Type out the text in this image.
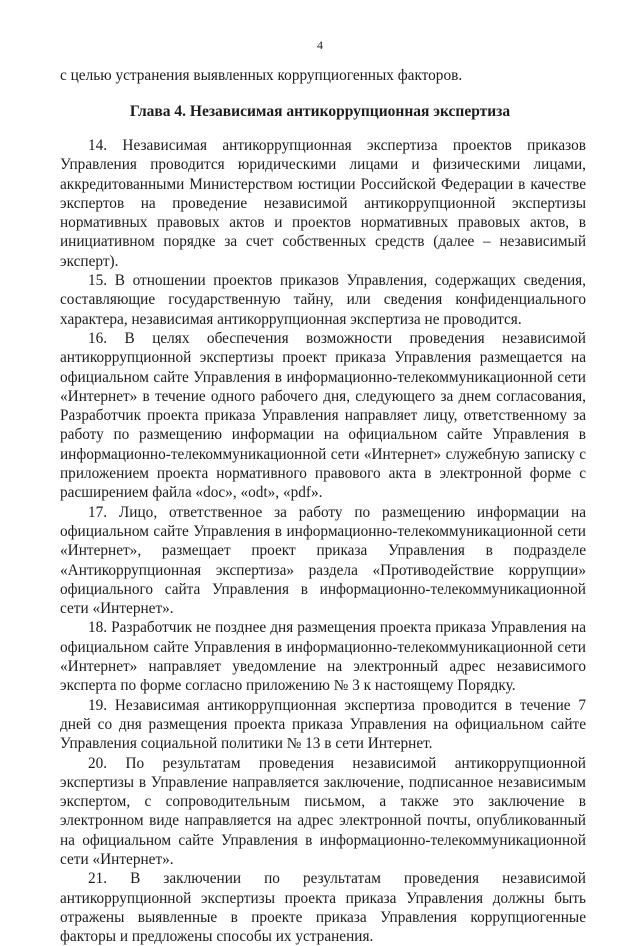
4

с целью устранения выявленных коррупциогенных факторов.

Глава 4. Независимая антикоррупционная экспертиза

14. Независимая антикоррупционная экспертиза проектов приказов Управления проводится юридическими лицами и физическими лицами, аккредитованными Министерством юстиции Российской Федерации в качестве экспертов на проведение независимой антикоррупционной экспертизы нормативных правовых актов и проектов нормативных правовых актов, в инициативном порядке за счет собственных средств (далее – независимый эксперт).

15. В отношении проектов приказов Управления, содержащих сведения, составляющие государственную тайну, или сведения конфиденциального характера, независимая антикоррупционная экспертиза не проводится.

16. В целях обеспечения возможности проведения независимой антикоррупционной экспертизы проект приказа Управления размещается на официальном сайте Управления в информационно-телекоммуникационной сети «Интернет» в течение одного рабочего дня, следующего за днем согласования, Разработчик проекта приказа Управления направляет лицу, ответственному за работу по размещению информации на официальном сайте Управления в информационно-телекоммуникационной сети «Интернет» служебную записку с приложением проекта нормативного правового акта в электронной форме с расширением файла «doc», «odt», «pdf».

17. Лицо, ответственное за работу по размещению информации на официальном сайте Управления в информационно-телекоммуникационной сети «Интернет», размещает проект приказа Управления в подразделе «Антикоррупционная экспертиза» раздела «Противодействие коррупции» официального сайта Управления в информационно-телекоммуникационной сети «Интернет».

18. Разработчик не позднее дня размещения проекта приказа Управления на официальном сайте Управления в информационно-телекоммуникационной сети «Интернет» направляет уведомление на электронный адрес независимого эксперта по форме согласно приложению № 3 к настоящему Порядку.

19. Независимая антикоррупционная экспертиза проводится в течение 7 дней со дня размещения проекта приказа Управления на официальном сайте Управления социальной политики № 13 в сети Интернет.

20. По результатам проведения независимой антикоррупционной экспертизы в Управление направляется заключение, подписанное независимым экспертом, с сопроводительным письмом, а также это заключение в электронном виде направляется на адрес электронной почты, опубликованный на официальном сайте Управления в информационно-телекоммуникационной сети «Интернет».

21. В заключении по результатам проведения независимой антикоррупционной экспертизы проекта приказа Управления должны быть отражены выявленные в проекте приказа Управления коррупциогенные факторы и предложены способы их устранения.
